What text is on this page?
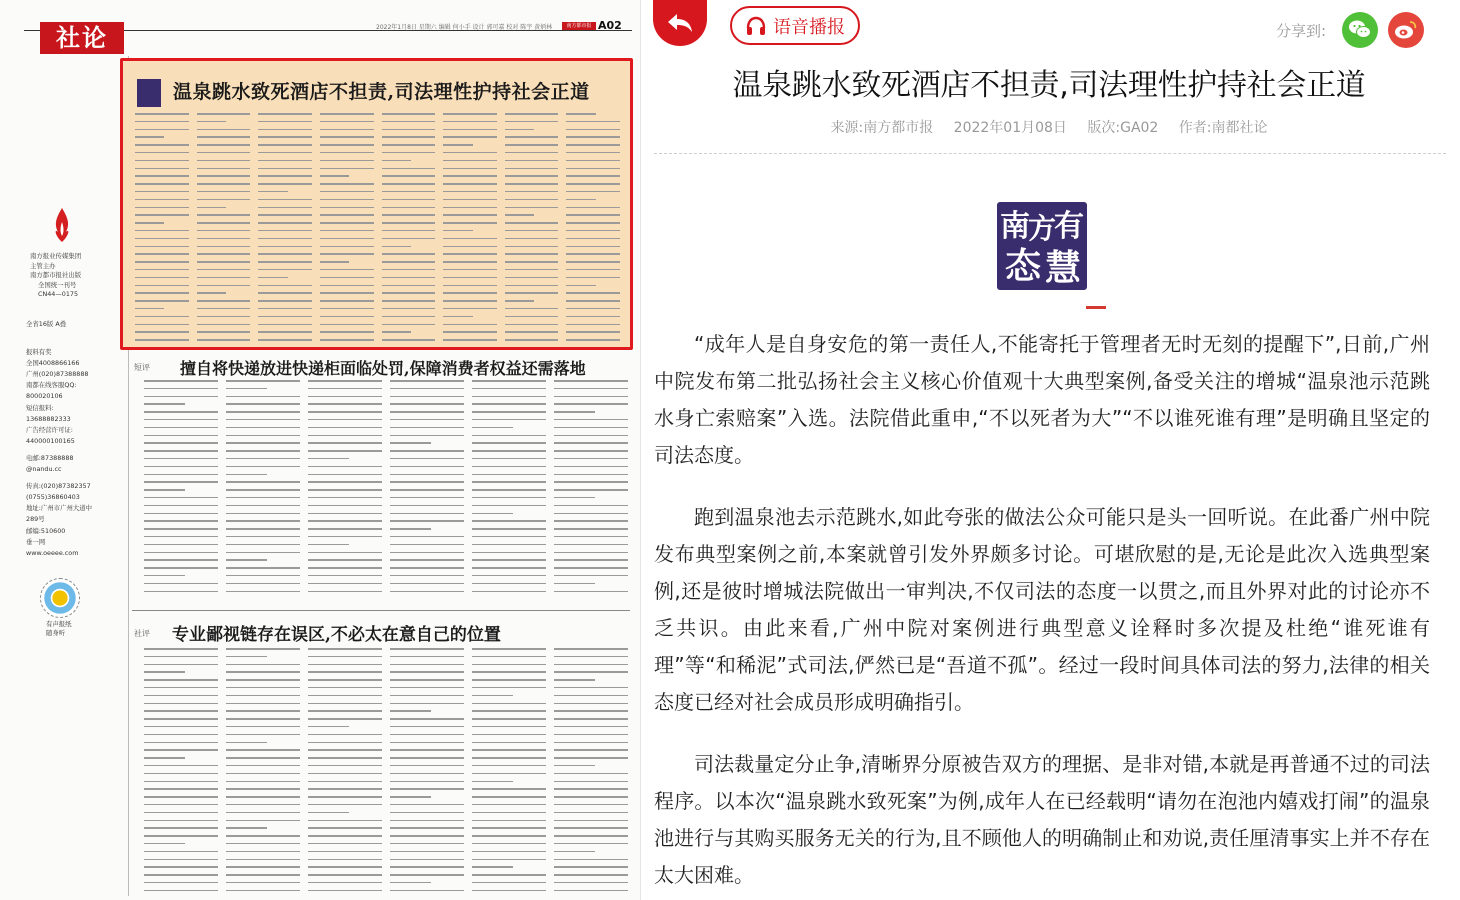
社论	2022年1月8日 星期六 编辑 何小手 设计 郭可嘉 校对 陈宇 黄炳林	南方都市报 A02
南方报业传媒集团
主管主办
南方都市报社出版
全国统一刊号
CN44—0175
全省16版 A叠
报料有奖
全国4008866166
广州(020)87388888
南都在线客服QQ:
800020106
短信报料:
13688882333
广告经营许可证:
440000100165
电邮:87388888
@nandu.cc
传真:(020)87382357
(0755)36860403
地址:广州市广州大道中
289号
邮编:510600
垂一网
www.oeeee.com
有声报纸
随身听
温泉跳水致死酒店不担责,司法理性护持社会正道
短评 擅自将快递放进快递柜面临处罚,保障消费者权益还需落地
社评 专业鄙视链存在误区,不必太在意自己的位置
语音播报	分享到:
温泉跳水致死酒店不担责,司法理性护持社会正道
来源:南方都市报 2022年01月08日 版次:GA02 作者:南都社论
南
方
有
态 慧

“成年人是自身安危的第一责任人,不能寄托于管理者无时无刻的提醒下”,日前,广州中院发布第二批弘扬社会主义核心价值观十大典型案例,备受关注的增城“温泉池示范跳水身亡索赔案”入选。法院借此重申,“不以死者为大”“不以谁死谁有理”是明确且坚定的司法态度。

跑到温泉池去示范跳水,如此夸张的做法公众可能只是头一回听说。在此番广州中院发布典型案例之前,本案就曾引发外界颇多讨论。可堪欣慰的是,无论是此次入选典型案例,还是彼时增城法院做出一审判决,不仅司法的态度一以贯之,而且外界对此的讨论亦不乏共识。由此来看,广州中院对案例进行典型意义诠释时多次提及杜绝“谁死谁有理”等“和稀泥”式司法,俨然已是“吾道不孤”。经过一段时间具体司法的努力,法律的相关态度已经对社会成员形成明确指引。

司法裁量定分止争,清晰界分原被告双方的理据、是非对错,本就是再普通不过的司法程序。以本次“温泉跳水致死案”为例,成年人在已经载明“请勿在泡池内嬉戏打闹”的温泉池进行与其购买服务无关的行为,且不顾他人的明确制止和劝说,责任厘清事实上并不存在太大困难。
